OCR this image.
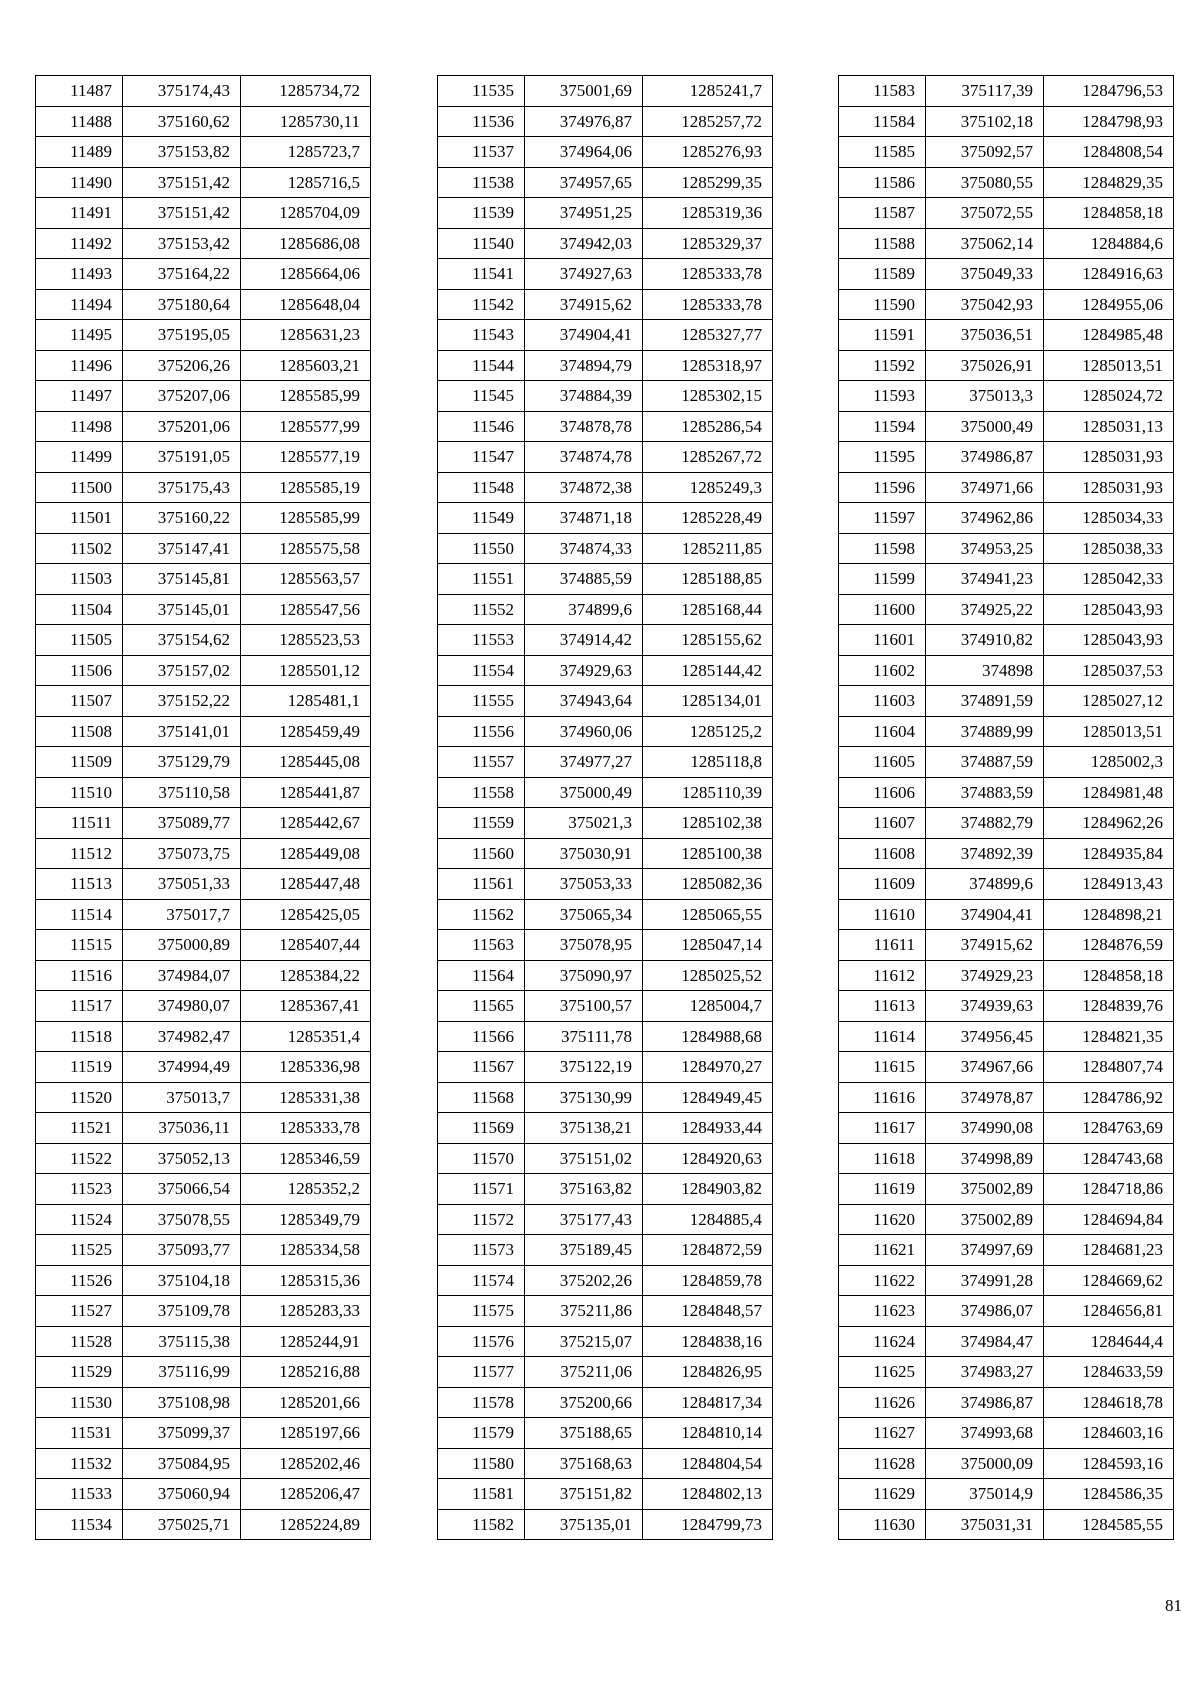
11487	375174,43	1285734,72
11488	375160,62	1285730,11
11489	375153,82	1285723,7
11490	375151,42	1285716,5
11491	375151,42	1285704,09
11492	375153,42	1285686,08
11493	375164,22	1285664,06
11494	375180,64	1285648,04
11495	375195,05	1285631,23
11496	375206,26	1285603,21
11497	375207,06	1285585,99
11498	375201,06	1285577,99
11499	375191,05	1285577,19
11500	375175,43	1285585,19
11501	375160,22	1285585,99
11502	375147,41	1285575,58
11503	375145,81	1285563,57
11504	375145,01	1285547,56
11505	375154,62	1285523,53
11506	375157,02	1285501,12
11507	375152,22	1285481,1
11508	375141,01	1285459,49
11509	375129,79	1285445,08
11510	375110,58	1285441,87
11511	375089,77	1285442,67
11512	375073,75	1285449,08
11513	375051,33	1285447,48
11514	375017,7	1285425,05
11515	375000,89	1285407,44
11516	374984,07	1285384,22
11517	374980,07	1285367,41
11518	374982,47	1285351,4
11519	374994,49	1285336,98
11520	375013,7	1285331,38
11521	375036,11	1285333,78
11522	375052,13	1285346,59
11523	375066,54	1285352,2
11524	375078,55	1285349,79
11525	375093,77	1285334,58
11526	375104,18	1285315,36
11527	375109,78	1285283,33
11528	375115,38	1285244,91
11529	375116,99	1285216,88
11530	375108,98	1285201,66
11531	375099,37	1285197,66
11532	375084,95	1285202,46
11533	375060,94	1285206,47
11534	375025,71	1285224,89
11535	375001,69	1285241,7
11536	374976,87	1285257,72
11537	374964,06	1285276,93
11538	374957,65	1285299,35
11539	374951,25	1285319,36
11540	374942,03	1285329,37
11541	374927,63	1285333,78
11542	374915,62	1285333,78
11543	374904,41	1285327,77
11544	374894,79	1285318,97
11545	374884,39	1285302,15
11546	374878,78	1285286,54
11547	374874,78	1285267,72
11548	374872,38	1285249,3
11549	374871,18	1285228,49
11550	374874,33	1285211,85
11551	374885,59	1285188,85
11552	374899,6	1285168,44
11553	374914,42	1285155,62
11554	374929,63	1285144,42
11555	374943,64	1285134,01
11556	374960,06	1285125,2
11557	374977,27	1285118,8
11558	375000,49	1285110,39
11559	375021,3	1285102,38
11560	375030,91	1285100,38
11561	375053,33	1285082,36
11562	375065,34	1285065,55
11563	375078,95	1285047,14
11564	375090,97	1285025,52
11565	375100,57	1285004,7
11566	375111,78	1284988,68
11567	375122,19	1284970,27
11568	375130,99	1284949,45
11569	375138,21	1284933,44
11570	375151,02	1284920,63
11571	375163,82	1284903,82
11572	375177,43	1284885,4
11573	375189,45	1284872,59
11574	375202,26	1284859,78
11575	375211,86	1284848,57
11576	375215,07	1284838,16
11577	375211,06	1284826,95
11578	375200,66	1284817,34
11579	375188,65	1284810,14
11580	375168,63	1284804,54
11581	375151,82	1284802,13
11582	375135,01	1284799,73
11583	375117,39	1284796,53
11584	375102,18	1284798,93
11585	375092,57	1284808,54
11586	375080,55	1284829,35
11587	375072,55	1284858,18
11588	375062,14	1284884,6
11589	375049,33	1284916,63
11590	375042,93	1284955,06
11591	375036,51	1284985,48
11592	375026,91	1285013,51
11593	375013,3	1285024,72
11594	375000,49	1285031,13
11595	374986,87	1285031,93
11596	374971,66	1285031,93
11597	374962,86	1285034,33
11598	374953,25	1285038,33
11599	374941,23	1285042,33
11600	374925,22	1285043,93
11601	374910,82	1285043,93
11602	374898	1285037,53
11603	374891,59	1285027,12
11604	374889,99	1285013,51
11605	374887,59	1285002,3
11606	374883,59	1284981,48
11607	374882,79	1284962,26
11608	374892,39	1284935,84
11609	374899,6	1284913,43
11610	374904,41	1284898,21
11611	374915,62	1284876,59
11612	374929,23	1284858,18
11613	374939,63	1284839,76
11614	374956,45	1284821,35
11615	374967,66	1284807,74
11616	374978,87	1284786,92
11617	374990,08	1284763,69
11618	374998,89	1284743,68
11619	375002,89	1284718,86
11620	375002,89	1284694,84
11621	374997,69	1284681,23
11622	374991,28	1284669,62
11623	374986,07	1284656,81
11624	374984,47	1284644,4
11625	374983,27	1284633,59
11626	374986,87	1284618,78
11627	374993,68	1284603,16
11628	375000,09	1284593,16
11629	375014,9	1284586,35
11630	375031,31	1284585,55
81
